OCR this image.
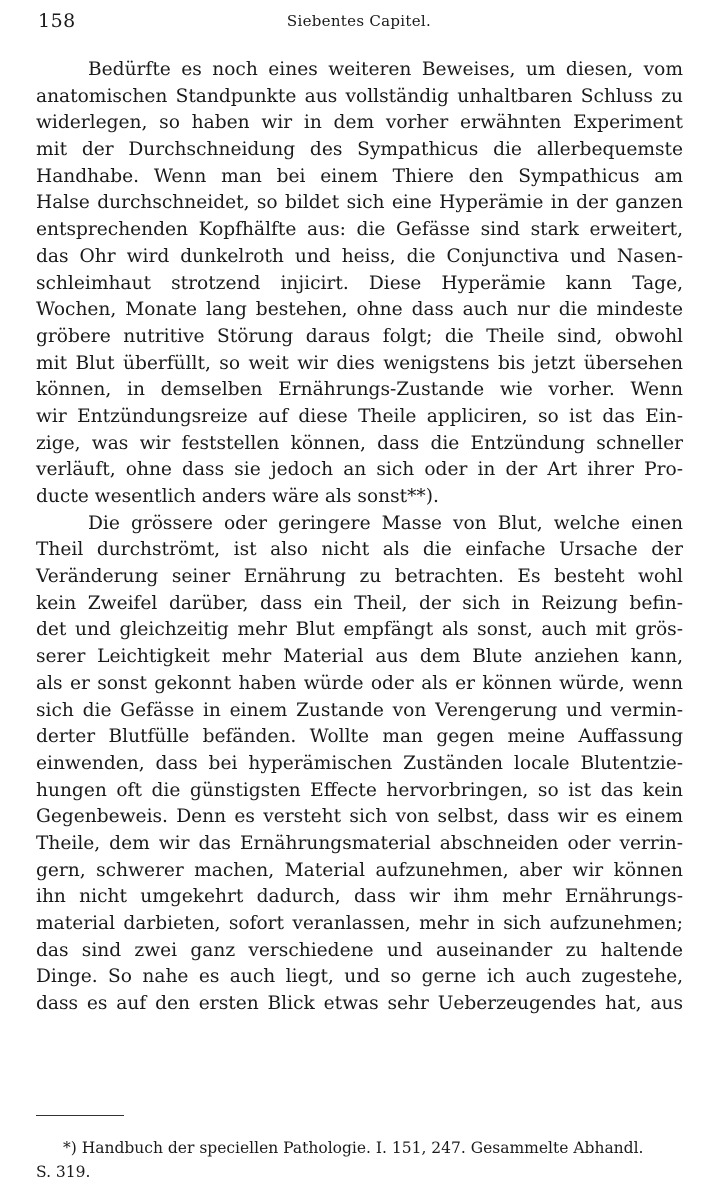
158	Siebentes Capitel.
Bedürfte es noch eines weiteren Beweises, um diesen, vom
anatomischen Standpunkte aus vollständig unhaltbaren Schluss zu
widerlegen, so haben wir in dem vorher erwähnten Experiment
mit der Durchschneidung des Sympathicus die allerbequemste
Handhabe. Wenn man bei einem Thiere den Sympathicus am
Halse durchschneidet, so bildet sich eine Hyperämie in der ganzen
entsprechenden Kopfhälfte aus: die Gefässe sind stark erweitert,
das Ohr wird dunkelroth und heiss, die Conjunctiva und Nasen-
schleimhaut strotzend injicirt. Diese Hyperämie kann Tage,
Wochen, Monate lang bestehen, ohne dass auch nur die mindeste
gröbere nutritive Störung daraus folgt; die Theile sind, obwohl
mit Blut überfüllt, so weit wir dies wenigstens bis jetzt übersehen
können, in demselben Ernährungs-Zustande wie vorher. Wenn
wir Entzündungsreize auf diese Theile appliciren, so ist das Ein-
zige, was wir feststellen können, dass die Entzündung schneller
verläuft, ohne dass sie jedoch an sich oder in der Art ihrer Pro-
ducte wesentlich anders wäre als sonst**).
Die grössere oder geringere Masse von Blut, welche einen
Theil durchströmt, ist also nicht als die einfache Ursache der
Veränderung seiner Ernährung zu betrachten. Es besteht wohl
kein Zweifel darüber, dass ein Theil, der sich in Reizung befin-
det und gleichzeitig mehr Blut empfängt als sonst, auch mit grös-
serer Leichtigkeit mehr Material aus dem Blute anziehen kann,
als er sonst gekonnt haben würde oder als er können würde, wenn
sich die Gefässe in einem Zustande von Verengerung und vermin-
derter Blutfülle befänden. Wollte man gegen meine Auffassung
einwenden, dass bei hyperämischen Zuständen locale Blutentzie-
hungen oft die günstigsten Effecte hervorbringen, so ist das kein
Gegenbeweis. Denn es versteht sich von selbst, dass wir es einem
Theile, dem wir das Ernährungsmaterial abschneiden oder verrin-
gern, schwerer machen, Material aufzunehmen, aber wir können
ihn nicht umgekehrt dadurch, dass wir ihm mehr Ernährungs-
material darbieten, sofort veranlassen, mehr in sich aufzunehmen;
das sind zwei ganz verschiedene und auseinander zu haltende
Dinge. So nahe es auch liegt, und so gerne ich auch zugestehe,
dass es auf den ersten Blick etwas sehr Ueberzeugendes hat, aus
*) Handbuch der speciellen Pathologie. I. 151, 247. Gesammelte Abhandl.
S. 319.
